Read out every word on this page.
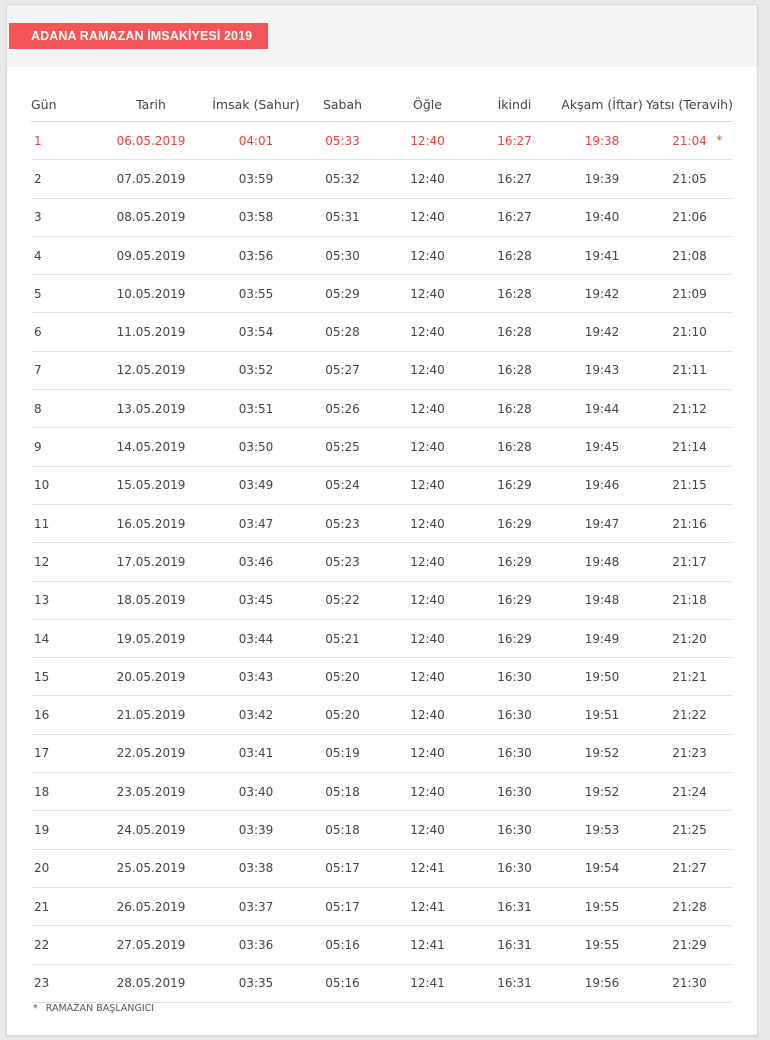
ADANA RAMAZAN İMSAKİYESİ 2019
Gün	Tarih	İmsak (Sahur)	Sabah	Öğle	İkindi	Akşam (İftar)	Yatsı (Teravih)
1	06.05.2019	04:01	05:33	12:40	16:27	19:38	21:04 *

2	07.05.2019	03:59	05:32	12:40	16:27	19:39	21:05
3	08.05.2019	03:58	05:31	12:40	16:27	19:40	21:06
4	09.05.2019	03:56	05:30	12:40	16:28	19:41	21:08
5	10.05.2019	03:55	05:29	12:40	16:28	19:42	21:09
6	11.05.2019	03:54	05:28	12:40	16:28	19:42	21:10
7	12.05.2019	03:52	05:27	12:40	16:28	19:43	21:11
8	13.05.2019	03:51	05:26	12:40	16:28	19:44	21:12
9	14.05.2019	03:50	05:25	12:40	16:28	19:45	21:14
10	15.05.2019	03:49	05:24	12:40	16:29	19:46	21:15
11	16.05.2019	03:47	05:23	12:40	16:29	19:47	21:16
12	17.05.2019	03:46	05:23	12:40	16:29	19:48	21:17
13	18.05.2019	03:45	05:22	12:40	16:29	19:48	21:18
14	19.05.2019	03:44	05:21	12:40	16:29	19:49	21:20
15	20.05.2019	03:43	05:20	12:40	16:30	19:50	21:21
16	21.05.2019	03:42	05:20	12:40	16:30	19:51	21:22
17	22.05.2019	03:41	05:19	12:40	16:30	19:52	21:23
18	23.05.2019	03:40	05:18	12:40	16:30	19:52	21:24
19	24.05.2019	03:39	05:18	12:40	16:30	19:53	21:25
20	25.05.2019	03:38	05:17	12:41	16:30	19:54	21:27
21	26.05.2019	03:37	05:17	12:41	16:31	19:55	21:28
22	27.05.2019	03:36	05:16	12:41	16:31	19:55	21:29
23	28.05.2019	03:35	05:16	12:41	16:31	19:56	21:30
* RAMAZAN BAŞLANGICI
